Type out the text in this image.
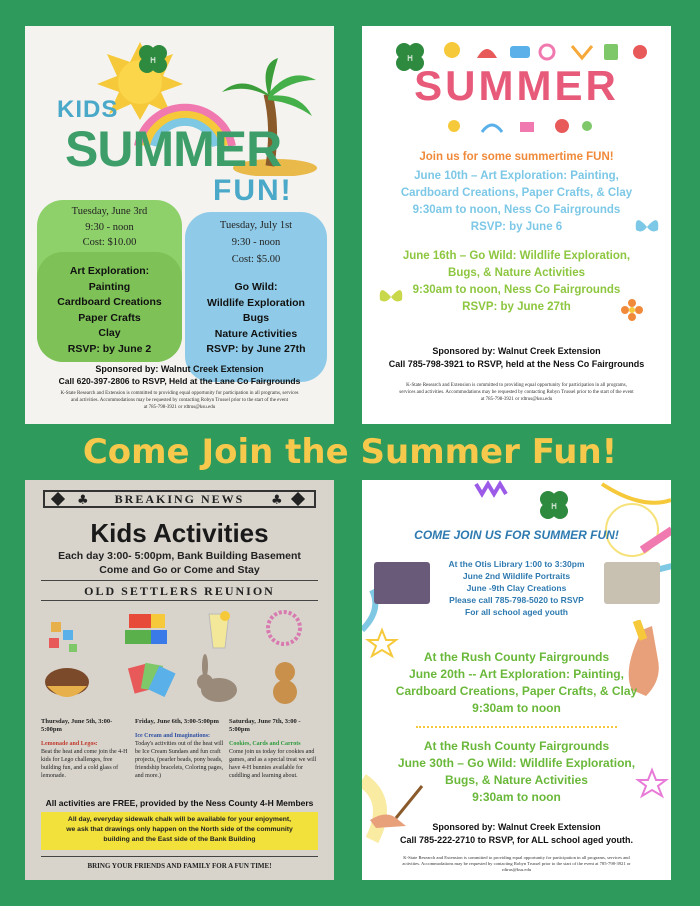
H
KIDS
SUMMER
FUN!
Tuesday, June 3rd
9:30 - noon
Cost: $10.00
Art Exploration:
Painting
Cardboard Creations
Paper Crafts
Clay
RSVP: by June 2
Tuesday, July 1st
9:30 - noon
Cost: $5.00
Go Wild:
Wildlife Exploration
Bugs
Nature Activities
RSVP: by June 27th
Sponsored by: Walnut Creek Extension
Call 620-397-2806 to RSVP, Held at the Lane Co Fairgrounds
K-State Research and Extension is committed to providing equal opportunity for participation in all programs, services
and activities. Accommodations may be requested by contacting Robyn Trussel prior to the start of the event
at 785-798-3921 or rdtrus@ksu.edu
H
SUMMER
Join us for some summertime FUN!
June 10th – Art Exploration: Painting,
Cardboard Creations, Paper Crafts, & Clay
9:30am to noon, Ness Co Fairgrounds
RSVP: by June 6
June 16th – Go Wild: Wildlife Exploration,
Bugs, & Nature Activities
9:30am to noon, Ness Co Fairgrounds
RSVP: by June 27th
Sponsored by: Walnut Creek Extension
Call 785-798-3921 to RSVP, held at the Ness Co Fairgrounds
K-State Research and Extension is committed to providing equal opportunity for participation in all programs,
services and activities. Accommodations may be requested by contacting Robyn Trussel prior to the start of the event
at 785-798-3921 or rdtrus@ksu.edu
Come Join the Summer Fun!
BREAKING NEWS
♣	♣
Kids Activities
Each day 3:00- 5:00pm, Bank Building Basement
Come and Go or Come and Stay
OLD SETTLERS REUNION
Thursday, June 5th, 3:00-5:00pm
Lemonade and Legos:
Beat the heat and come join the 4-H kids for Lego challenges, free building fun, and a cold glass of lemonade.
Friday, June 6th, 3:00-5:00pm
Ice Cream and Imaginations:
Today's activities out of the heat will be Ice Cream Sundaes and fun craft projects, (pearler beads, pony beads, friendship bracelets, Coloring pages, and more.)
Saturday, June 7th, 3:00 - 5:00pm
Cookies, Cards and Carrots
Come join us today for cookies and games, and as a special treat we will have 4-H bunnies available for cuddling and learning about.
All activities are FREE, provided by the Ness County 4-H Members
All day, everyday sidewalk chalk will be available for your enjoyment,
we ask that drawings only happen on the North side of the community
building and the East side of the Bank Building
BRING YOUR FRIENDS AND FAMILY FOR A FUN TIME!
H
COME JOIN US FOR SUMMER FUN!
At the Otis Library 1:00 to 3:30pm
June 2nd Wildlife Portraits
June -9th Clay Creations
Please call 785-798-5020 to RSVP
For all school aged youth
At the Rush County Fairgrounds
June 20th -- Art Exploration: Painting,
Cardboard Creations, Paper Crafts, & Clay
9:30am to noon
At the Rush County Fairgrounds
June 30th – Go Wild: Wildlife Exploration,
Bugs, & Nature Activities
9:30am to noon
Sponsored by: Walnut Creek Extension
Call 785-222-2710 to RSVP, for ALL school aged youth.
K-State Research and Extension is committed to providing equal opportunity for participation in all programs, services and
activities. Accommodations may be requested by contacting Robyn Trussel prior to the start of the event at 785-798-3921 or
rdtrus@ksu.edu
